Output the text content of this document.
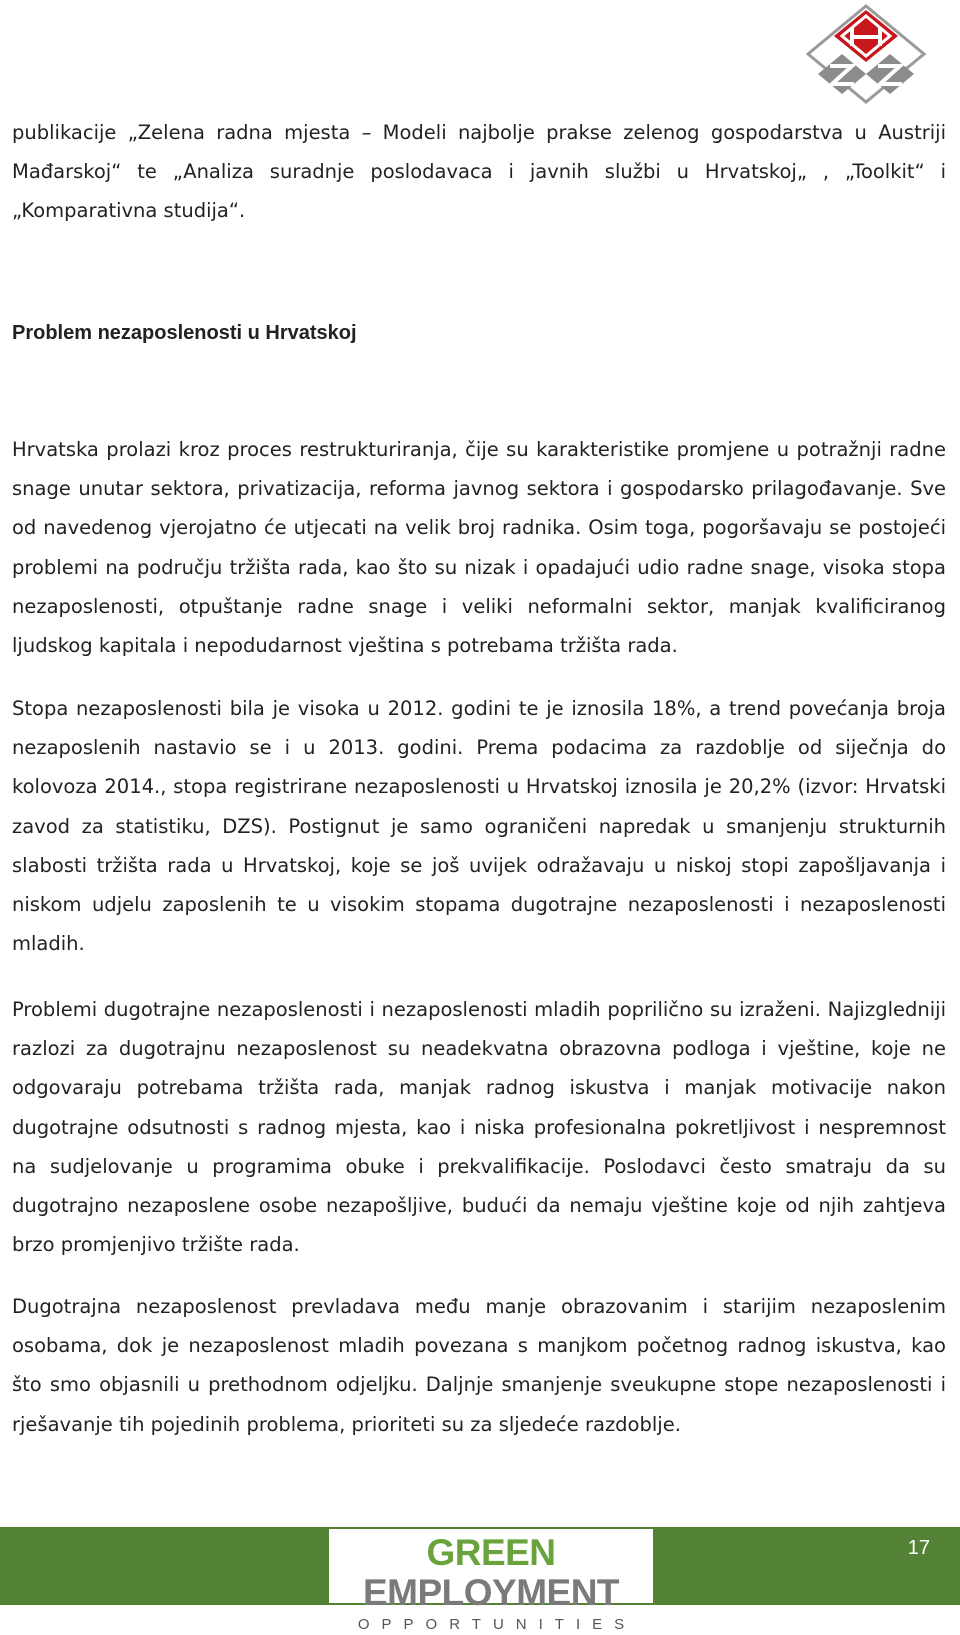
publikacije „Zelena radna mjesta – Modeli najbolje prakse zelenog gospodarstva u Austriji Mađarskoj“ te „Analiza suradnje poslodavaca i javnih službi u Hrvatskoj„ , „Toolkit“ i „Komparativna studija“.

Problem nezaposlenosti u Hrvatskoj

Hrvatska prolazi kroz proces restrukturiranja, čije su karakteristike promjene u potražnji radne snage unutar sektora, privatizacija, reforma javnog sektora i gospodarsko prilagođavanje. Sve od navedenog vjerojatno će utjecati na velik broj radnika. Osim toga, pogoršavaju se postojeći problemi na području tržišta rada, kao što su nizak i opadajući udio radne snage, visoka stopa nezaposlenosti, otpuštanje radne snage i veliki neformalni sektor, manjak kvalificiranog ljudskog kapitala i nepodudarnost vještina s potrebama tržišta rada.

Stopa nezaposlenosti bila je visoka u 2012. godini te je iznosila 18%, a trend povećanja broja nezaposlenih nastavio se i u 2013. godini. Prema podacima za razdoblje od siječnja do kolovoza 2014., stopa registrirane nezaposlenosti u Hrvatskoj iznosila je 20,2% (izvor: Hrvatski zavod za statistiku, DZS). Postignut je samo ograničeni napredak u smanjenju strukturnih slabosti tržišta rada u Hrvatskoj, koje se još uvijek odražavaju u niskoj stopi zapošljavanja i niskom udjelu zaposlenih te u visokim stopama dugotrajne nezaposlenosti i nezaposlenosti mladih.

Problemi dugotrajne nezaposlenosti i nezaposlenosti mladih poprilično su izraženi. Najizgledniji razlozi za dugotrajnu nezaposlenost su neadekvatna obrazovna podloga i vještine, koje ne odgovaraju potrebama tržišta rada, manjak radnog iskustva i manjak motivacije nakon dugotrajne odsutnosti s radnog mjesta, kao i niska profesionalna pokretljivost i nespremnost na sudjelovanje u programima obuke i prekvalifikacije. Poslodavci često smatraju da su dugotrajno nezaposlene osobe nezapošljive, budući da nemaju vještine koje od njih zahtjeva brzo promjenjivo tržište rada.

Dugotrajna nezaposlenost prevladava među manje obrazovanim i starijim nezaposlenim osobama, dok je nezaposlenost mladih povezana s manjkom početnog radnog iskustva, kao što smo objasnili u prethodnom odjeljku. Daljnje smanjenje sveukupne stope nezaposlenosti i rješavanje tih pojedinih problema, prioriteti su za sljedeće razdoblje.

GREEN EMPLOYMENT
OPPORTUNITIES
17
